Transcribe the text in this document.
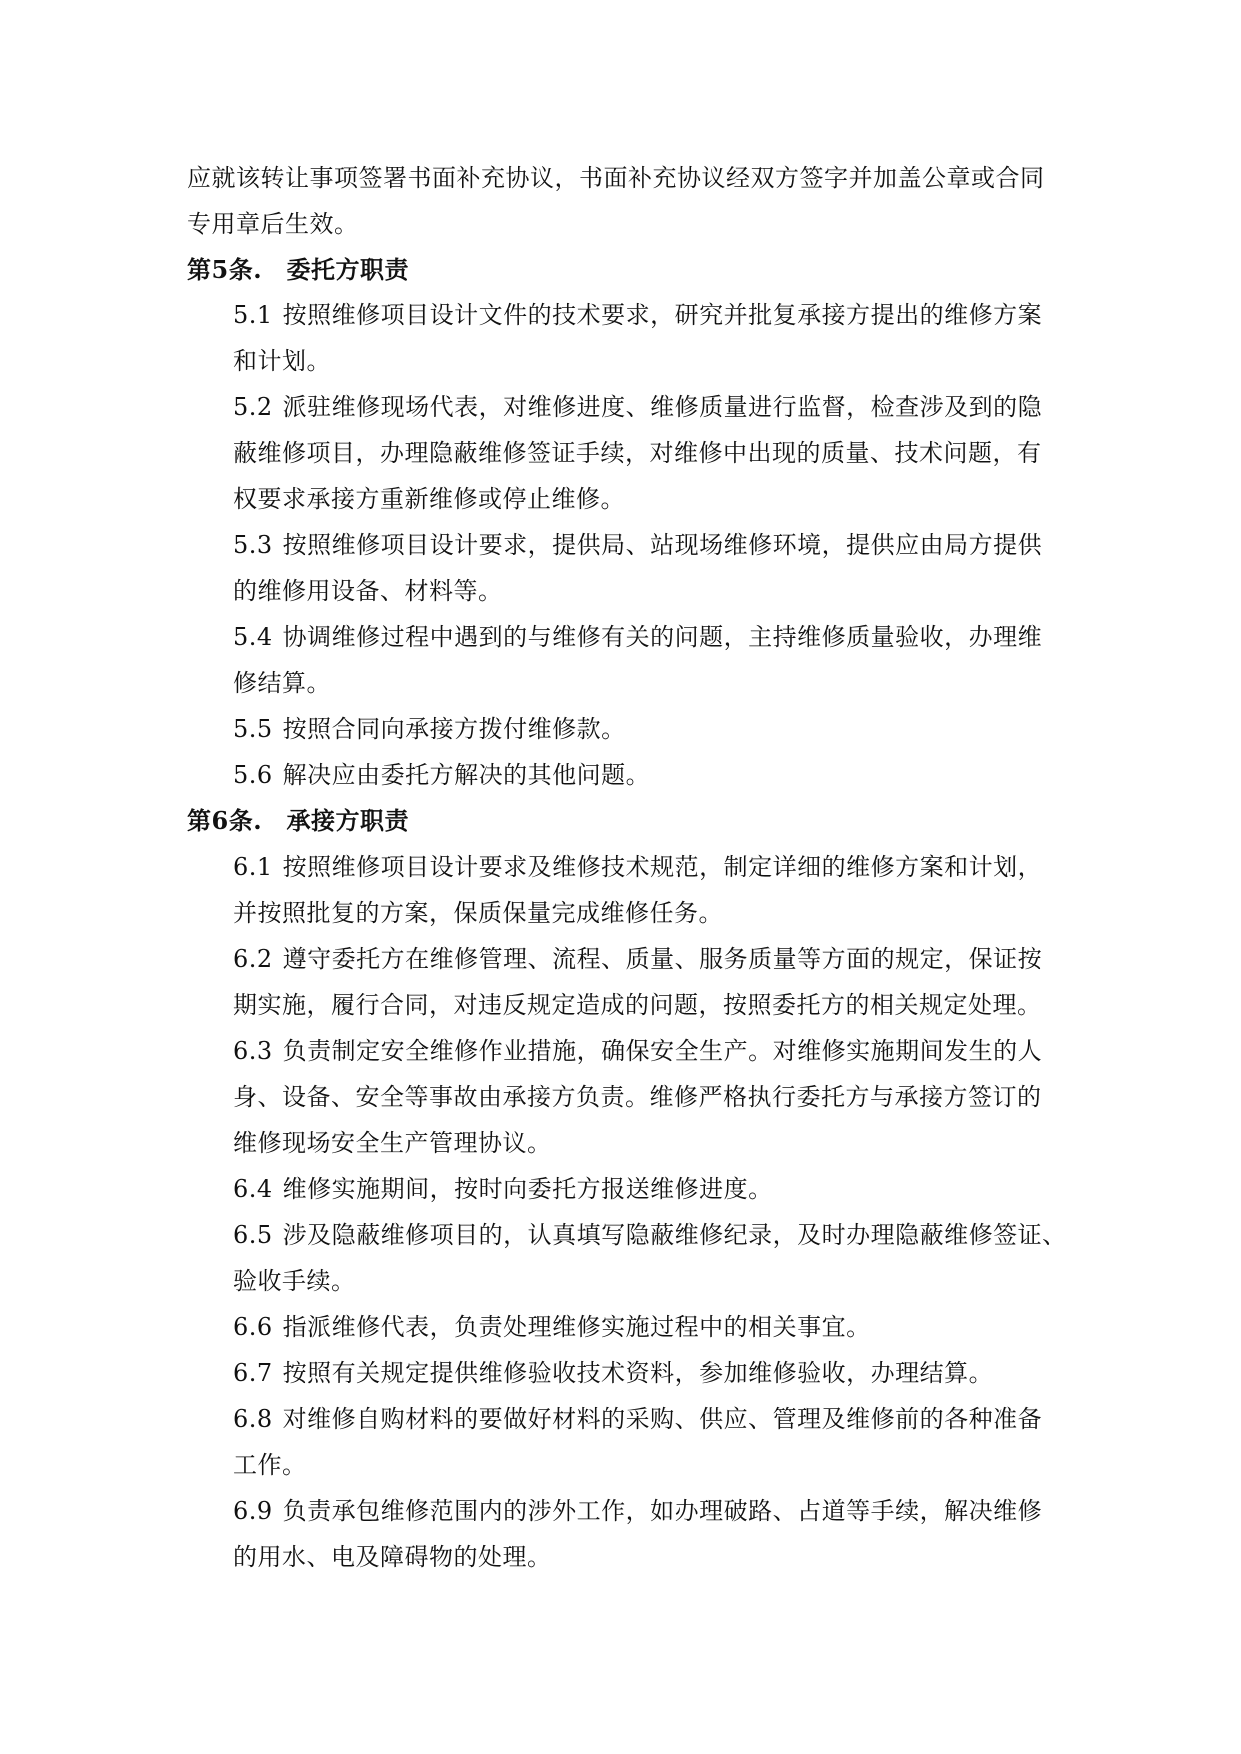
应就该转让事项签署书面补充协议，书面补充协议经双方签字并加盖公章或合同
专用章后生效。
第5条.　委托方职责
5.1 按照维修项目设计文件的技术要求，研究并批复承接方提出的维修方案
和计划。
5.2 派驻维修现场代表，对维修进度、维修质量进行监督，检查涉及到的隐
蔽维修项目，办理隐蔽维修签证手续，对维修中出现的质量、技术问题，有
权要求承接方重新维修或停止维修。
5.3 按照维修项目设计要求，提供局、站现场维修环境，提供应由局方提供
的维修用设备、材料等。
5.4 协调维修过程中遇到的与维修有关的问题，主持维修质量验收，办理维
修结算。
5.5 按照合同向承接方拨付维修款。
5.6 解决应由委托方解决的其他问题。
第6条.　承接方职责
6.1 按照维修项目设计要求及维修技术规范，制定详细的维修方案和计划，
并按照批复的方案，保质保量完成维修任务。
6.2 遵守委托方在维修管理、流程、质量、服务质量等方面的规定，保证按
期实施，履行合同，对违反规定造成的问题，按照委托方的相关规定处理。
6.3 负责制定安全维修作业措施，确保安全生产。对维修实施期间发生的人
身、设备、安全等事故由承接方负责。维修严格执行委托方与承接方签订的
维修现场安全生产管理协议。
6.4 维修实施期间，按时向委托方报送维修进度。
6.5 涉及隐蔽维修项目的，认真填写隐蔽维修纪录，及时办理隐蔽维修签证、
验收手续。
6.6 指派维修代表，负责处理维修实施过程中的相关事宜。
6.7 按照有关规定提供维修验收技术资料，参加维修验收，办理结算。
6.8 对维修自购材料的要做好材料的采购、供应、管理及维修前的各种准备
工作。
6.9 负责承包维修范围内的涉外工作，如办理破路、占道等手续，解决维修
的用水、电及障碍物的处理。
